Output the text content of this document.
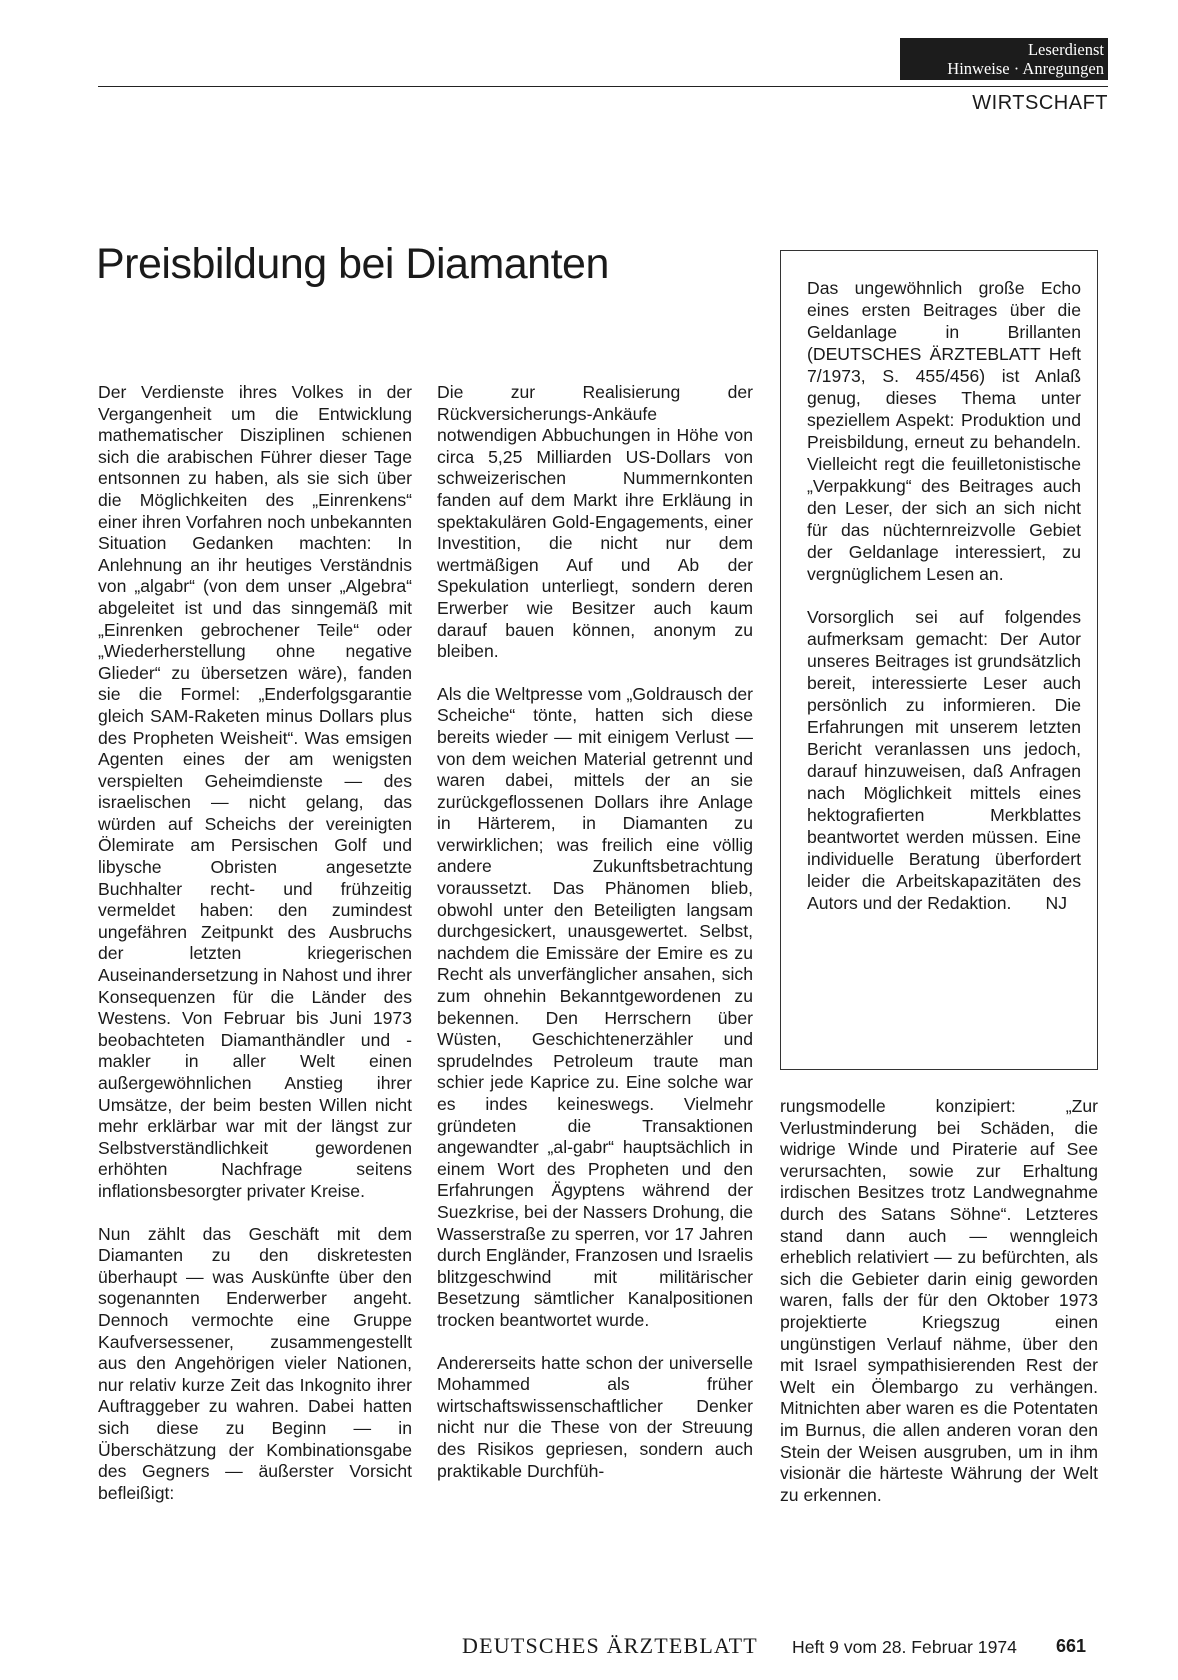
Leserdienst
Hinweise · Anregungen
WIRTSCHAFT
Preisbildung bei Diamanten

Der Verdienste ihres Volkes in der Vergangenheit um die Entwicklung mathematischer Disziplinen schienen sich die arabischen Führer dieser Tage entsonnen zu haben, als sie sich über die Möglichkeiten des „Einrenkens“ einer ihren Vorfahren noch unbekannten Situation Gedanken machten: In Anlehnung an ihr heutiges Verständnis von „algabr“ (von dem unser „Algebra“ abgeleitet ist und das sinngemäß mit „Einrenken gebrochener Teile“ oder „Wiederherstellung ohne negative Glieder“ zu übersetzen wäre), fanden sie die Formel: „Enderfolgsgarantie gleich SAM-Raketen minus Dollars plus des Propheten Weisheit“. Was emsigen Agenten eines der am wenigsten verspielten Geheimdienste — des israelischen — nicht gelang, das würden auf Scheichs der vereinigten Ölemirate am Persischen Golf und libysche Obristen angesetzte Buchhalter recht- und frühzeitig vermeldet haben: den zumindest ungefähren Zeitpunkt des Ausbruchs der letzten kriegerischen Auseinandersetzung in Nahost und ihrer Konsequenzen für die Länder des Westens. Von Februar bis Juni 1973 beobachteten Diamanthändler und -makler in aller Welt einen außergewöhnlichen Anstieg ihrer Umsätze, der beim besten Willen nicht mehr erklärbar war mit der längst zur Selbstverständlichkeit gewordenen erhöhten Nachfrage seitens inflationsbesorgter privater Kreise.

Nun zählt das Geschäft mit dem Diamanten zu den diskretesten überhaupt — was Auskünfte über den sogenannten Enderwerber angeht. Dennoch vermochte eine Gruppe Kaufversessener, zusammengestellt aus den Angehörigen vieler Nationen, nur relativ kurze Zeit das Inkognito ihrer Auftraggeber zu wahren. Dabei hatten sich diese zu Beginn — in Überschätzung der Kombinationsgabe des Gegners — äußerster Vorsicht befleißigt:

Die zur Realisierung der Rückversicherungs-Ankäufe notwendigen Abbuchungen in Höhe von circa 5,25 Milliarden US-Dollars von schweizerischen Nummernkonten fanden auf dem Markt ihre Erkläung in spektakulären Gold-Engagements, einer Investition, die nicht nur dem wertmäßigen Auf und Ab der Spekulation unterliegt, sondern deren Erwerber wie Besitzer auch kaum darauf bauen können, anonym zu bleiben.

Als die Weltpresse vom „Goldrausch der Scheiche“ tönte, hatten sich diese bereits wieder — mit einigem Verlust — von dem weichen Material getrennt und waren dabei, mittels der an sie zurückgeflossenen Dollars ihre Anlage in Härterem, in Diamanten zu verwirklichen; was freilich eine völlig andere Zukunftsbetrachtung voraussetzt. Das Phänomen blieb, obwohl unter den Beteiligten langsam durchgesickert, unausgewertet. Selbst, nachdem die Emissäre der Emire es zu Recht als unverfänglicher ansahen, sich zum ohnehin Bekanntgewordenen zu bekennen. Den Herrschern über Wüsten, Geschichtenerzähler und sprudelndes Petroleum traute man schier jede Kaprice zu. Eine solche war es indes keineswegs. Vielmehr gründeten die Transaktionen angewandter „al-gabr“ hauptsächlich in einem Wort des Propheten und den Erfahrungen Ägyptens während der Suezkrise, bei der Nassers Drohung, die Wasserstraße zu sperren, vor 17 Jahren durch Engländer, Franzosen und Israelis blitzgeschwind mit militärischer Besetzung sämtlicher Kanalpositionen trocken beantwortet wurde.

Andererseits hatte schon der universelle Mohammed als früher wirtschaftswissenschaftlicher Denker nicht nur die These von der Streuung des Risikos gepriesen, sondern auch praktikable Durchfüh-

Das ungewöhnlich große Echo eines ersten Beitrages über die Geldanlage in Brillanten (DEUTSCHES ÄRZTEBLATT Heft 7/1973, S. 455/456) ist Anlaß genug, dieses Thema unter speziellem Aspekt: Produktion und Preisbildung, erneut zu behandeln. Vielleicht regt die feuilletonistische „Verpakkung“ des Beitrages auch den Leser, der sich an sich nicht für das nüchternreizvolle Gebiet der Geldanlage interessiert, zu vergnüglichem Lesen an.

Vorsorglich sei auf folgendes aufmerksam gemacht: Der Autor unseres Beitrages ist grundsätzlich bereit, interessierte Leser auch persönlich zu informieren. Die Erfahrungen mit unserem letzten Bericht veranlassen uns jedoch, darauf hinzuweisen, daß Anfragen nach Möglichkeit mittels eines hektografierten Merkblattes beantwortet werden müssen. Eine individuelle Beratung überfordert leider die Arbeitskapazitäten des Autors und der Redaktion. NJ

rungsmodelle konzipiert: „Zur Verlustminderung bei Schäden, die widrige Winde und Piraterie auf See verursachten, sowie zur Erhaltung irdischen Besitzes trotz Landwegnahme durch des Satans Söhne“. Letzteres stand dann auch — wenngleich erheblich relativiert — zu befürchten, als sich die Gebieter darin einig geworden waren, falls der für den Oktober 1973 projektierte Kriegszug einen ungünstigen Verlauf nähme, über den mit Israel sympathisierenden Rest der Welt ein Ölembargo zu verhängen. Mitnichten aber waren es die Potentaten im Burnus, die allen anderen voran den Stein der Weisen ausgruben, um in ihm visionär die härteste Währung der Welt zu erkennen.

DEUTSCHES ÄRZTEBLATT Heft 9 vom 28. Februar 1974 661
